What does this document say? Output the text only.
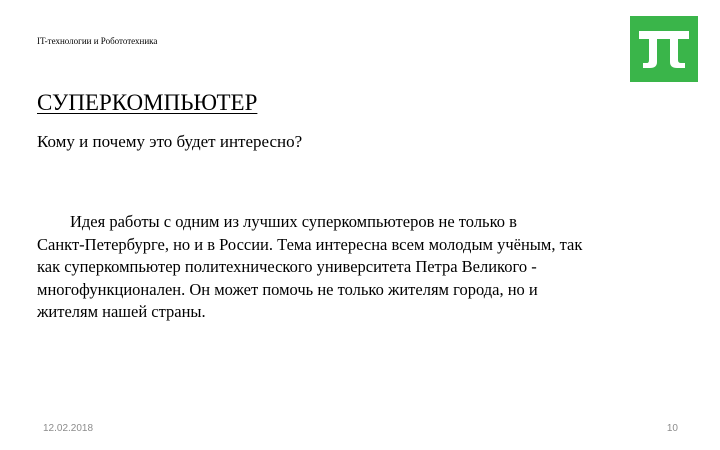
IT-технологии и Робототехника
СУПЕРКОМПЬЮТЕР
Кому и почему это будет интересно?

Идея работы с одним из лучших суперкомпьютеров не только в
Санкт-Петербурге, но и в России. Тема интересна всем молодым учёным, так
как суперкомпьютер политехнического университета Петра Великого -
многофункционален. Он может помочь не только жителям города, но и
жителям нашей страны.

12.02.2018	10
